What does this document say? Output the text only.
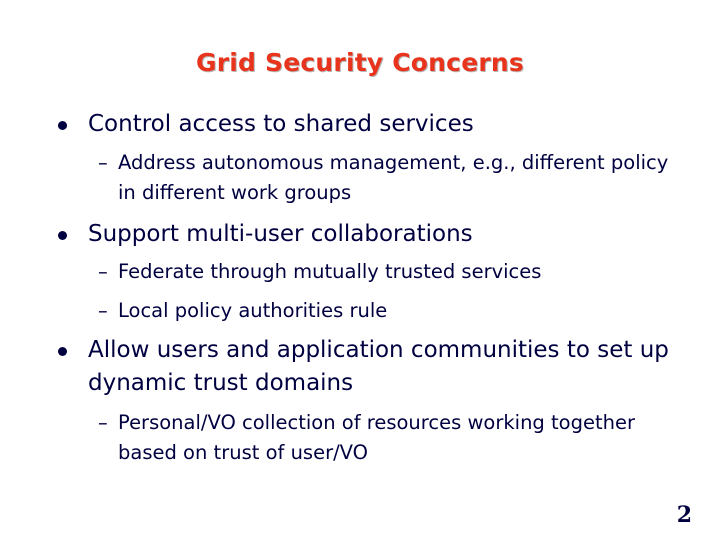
Grid Security Concerns
Control access to shared services
– Address autonomous management, e.g., different policy in different work groups
Support multi-user collaborations
– Federate through mutually trusted services
– Local policy authorities rule
Allow users and application communities to set up dynamic trust domains
– Personal/VO collection of resources working together based on trust of user/VO
2
